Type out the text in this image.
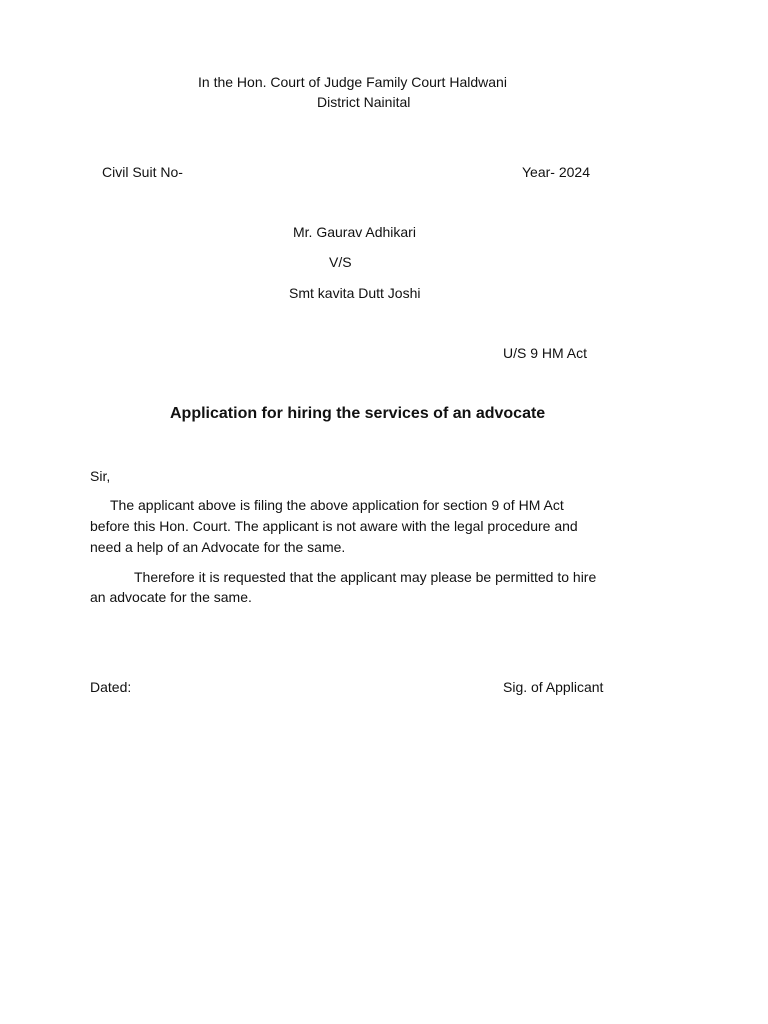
In the Hon. Court of Judge Family Court Haldwani
District Nainital
Civil Suit No-	Year- 2024
Mr. Gaurav Adhikari
V/S
Smt kavita Dutt Joshi
U/S 9 HM Act
Application for hiring the services of an advocate
Sir,
The applicant above is filing the above application for section 9 of HM Act
before this Hon. Court. The applicant is not aware with the legal procedure and
need a help of an Advocate for the same.
Therefore it is requested that the applicant may please be permitted to hire
an advocate for the same.
Dated:	Sig. of Applicant
